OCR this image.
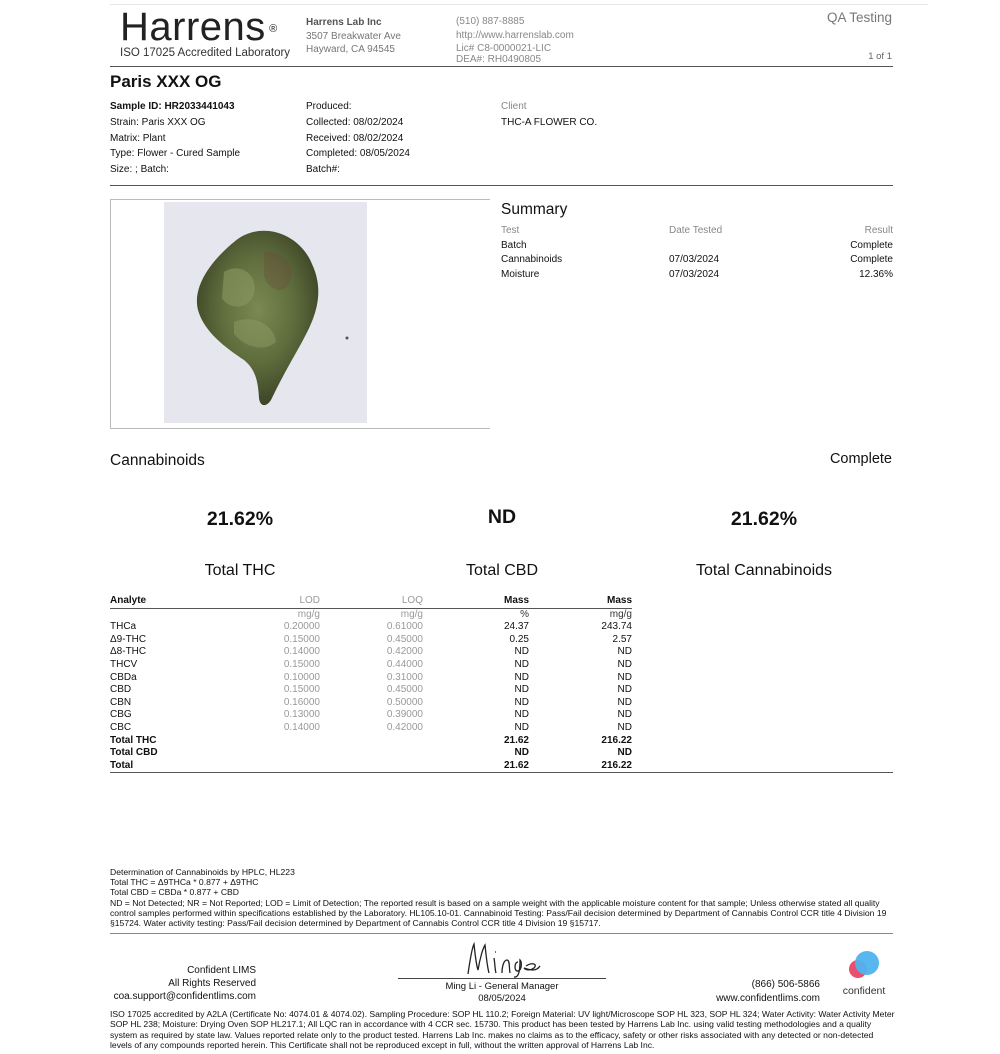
Harrens ®
ISO 17025 Accredited Laboratory
Harrens Lab Inc
3507 Breakwater Ave
Hayward, CA 94545
(510) 887-8885
http://www.harrenslab.com
Lic# C8-0000021-LIC
DEA#: RH0490805
QA Testing
1 of 1
Paris XXX OG
Sample ID: HR2033441043
Strain: Paris XXX OG
Matrix: Plant
Type: Flower - Cured Sample
Size: ; Batch:
Produced:
Collected: 08/02/2024
Received: 08/02/2024
Completed: 08/05/2024
Batch#:
Client
THC-A FLOWER CO.
Summary
Test	Date Tested	Result
Batch		Complete
Cannabinoids	07/03/2024	Complete
Moisture	07/03/2024	12.36%
Cannabinoids	Complete
21.62%	ND	21.62%
Total THC	Total CBD	Total Cannabinoids
Analyte	LOD	LOQ	Mass	Mass	
	mg/g	mg/g	%	mg/g	
THCa	0.20000	0.61000	24.37	243.74	
Δ9-THC	0.15000	0.45000	0.25	2.57	
Δ8-THC	0.14000	0.42000	ND	ND	
THCV	0.15000	0.44000	ND	ND	
CBDa	0.10000	0.31000	ND	ND	
CBD	0.15000	0.45000	ND	ND	
CBN	0.16000	0.50000	ND	ND	
CBG	0.13000	0.39000	ND	ND	
CBC	0.14000	0.42000	ND	ND	
Total THC			21.62	216.22	
Total CBD			ND	ND	
Total			21.62	216.22	
Determination of Cannabinoids by HPLC, HL223
Total THC = Δ9THCa * 0.877 + Δ9THC
Total CBD = CBDa * 0.877 + CBD
ND = Not Detected; NR = Not Reported; LOD = Limit of Detection; The reported result is based on a sample weight with the applicable moisture content for that sample; Unless otherwise stated all quality control samples performed within specifications established by the Laboratory. HL105.10-01. Cannabinoid Testing: Pass/Fail decision determined by Department of Cannabis Control CCR title 4 Division 19 §15724. Water activity testing: Pass/Fail decision determined by Department of Cannabis Control CCR title 4 Division 19 §15717.
Confident LIMS
All Rights Reserved
coa.support@confidentlims.com
Ming Li - General Manager
08/05/2024
(866) 506-5866
www.confidentlims.com
confident
ISO 17025 accredited by A2LA (Certificate No: 4074.01 & 4074.02). Sampling Procedure: SOP HL 110.2; Foreign Material: UV light/Microscope SOP HL 323, SOP HL 324; Water Activity: Water Activity Meter SOP HL 238; Moisture: Drying Oven SOP HL217.1; All LQC ran in accordance with 4 CCR sec. 15730. This product has been tested by Harrens Lab Inc. using valid testing methodologies and a quality system as required by state law. Values reported relate only to the product tested. Harrens Lab Inc. makes no claims as to the efficacy, safety or other risks associated with any detected or non-detected levels of any compounds reported herein. This Certificate shall not be reproduced except in full, without the written approval of Harrens Lab Inc.
